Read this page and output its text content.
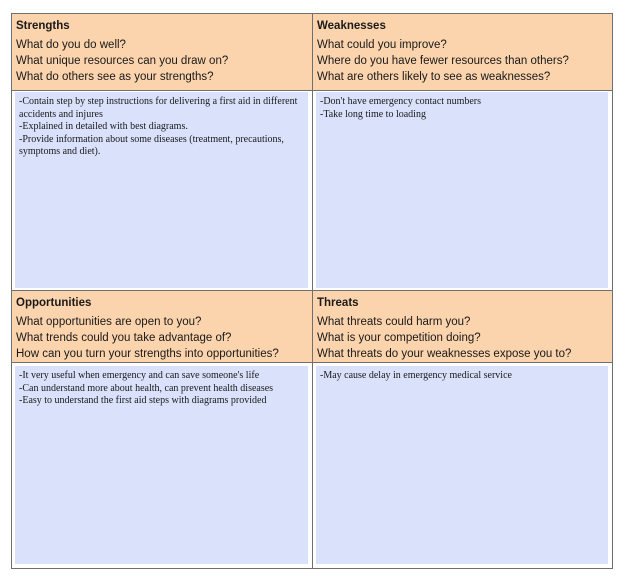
Strengths
What do you do well?
What unique resources can you draw on?
What do others see as your strengths?
-Contain step by step instructions for delivering a first aid in different accidents and injures
-Explained in detailed with best diagrams.
-Provide information about some diseases (treatment, precautions, symptoms and diet).
Weaknesses
What could you improve?
Where do you have fewer resources than others?
What are others likely to see as weaknesses?
-Don't have emergency contact numbers
-Take long time to loading
Opportunities
What opportunities are open to you?
What trends could you take advantage of?
How can you turn your strengths into opportunities?
-It very useful when emergency and can save someone's life
-Can understand more about health, can prevent health diseases
-Easy to understand the first aid steps with diagrams provided
Threats
What threats could harm you?
What is your competition doing?
What threats do your weaknesses expose you to?
-May cause delay in emergency medical service
